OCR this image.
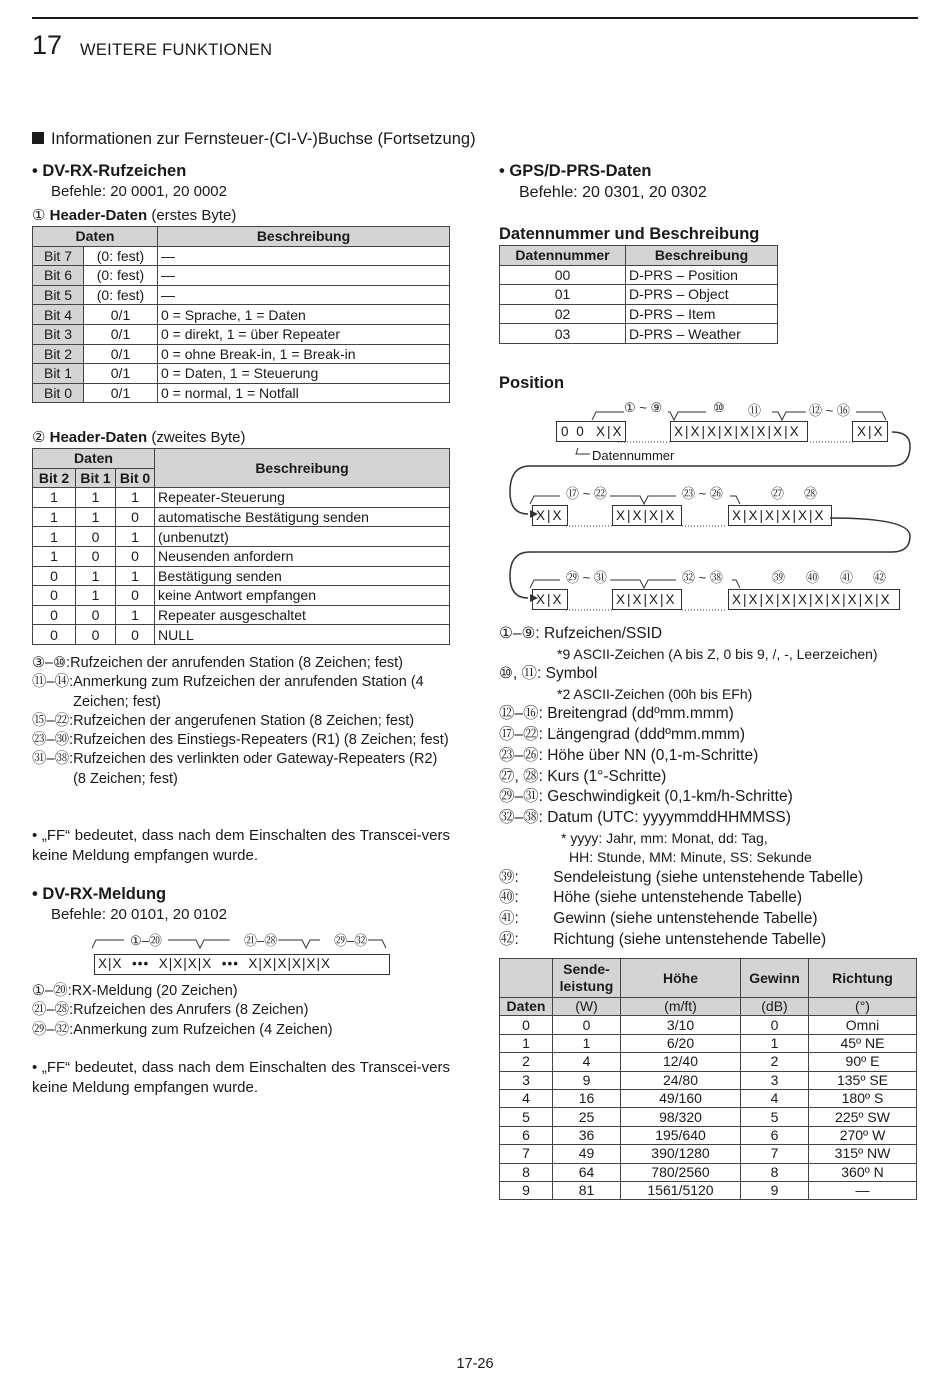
17 WEITERE FUNKTIONEN
Informationen zur Fernsteuer-(CI-V-)Buchse (Fortsetzung)
• DV-RX-Rufzeichen
Befehle: 20 0001, 20 0002
① Header-Daten (erstes Byte)
Daten		Beschreibung
Bit 7	(0: fest)	—
Bit 6	(0: fest)	—
Bit 5	(0: fest)	—
Bit 4	0/1	0 = Sprache, 1 = Daten
Bit 3	0/1	0 = direkt, 1 = über Repeater
Bit 2	0/1	0 = ohne Break-in, 1 = Break-in
Bit 1	0/1	0 = Daten, 1 = Steuerung
Bit 0	0/1	0 = normal, 1 = Notfall
② Header-Daten (zweites Byte)
Daten			Beschreibung
Bit 2	Bit 1	Bit 0	
1	1	1	Repeater-Steuerung
1	1	0	automatische Bestätigung senden
1	0	1	(unbenutzt)
1	0	0	Neusenden anfordern
0	1	1	Bestätigung senden
0	1	0	keine Antwort empfangen
0	0	1	Repeater ausgeschaltet
0	0	0	NULL
③–⑩: Rufzeichen der anrufenden Station (8 Zeichen; fest)
⑪–⑭: Anmerkung zum Rufzeichen der anrufenden Station (4 Zeichen; fest)
⑮–㉒: Rufzeichen der angerufenen Station (8 Zeichen; fest)
㉓–㉚: Rufzeichen des Einstiegs-Repeaters (R1) (8 Zeichen; fest)
㉛–㊳: Rufzeichen des verlinkten oder Gateway-Repeaters (R2) (8 Zeichen; fest)
• „FF“ bedeutet, dass nach dem Einschalten des Transcei-vers keine Meldung empfangen wurde.
• DV-RX-Meldung
Befehle: 20 0101, 20 0102
①–⑳	㉑–㉘	㉙–㉜
X|X  •••  X|X|X|X  •••  X|X|X|X|X|X
①–⑳: RX-Meldung (20 Zeichen)
㉑–㉘: Rufzeichen des Anrufers (8 Zeichen)
㉙–㉜: Anmerkung zum Rufzeichen (4 Zeichen)
• „FF“ bedeutet, dass nach dem Einschalten des Transcei-vers keine Meldung empfangen wurde.
• GPS/D-PRS-Daten
Befehle: 20 0301, 20 0302
Datennummer und Beschreibung
Datennummer	Beschreibung
00	D-PRS – Position
01	D-PRS – Object
02	D-PRS – Item
03	D-PRS – Weather
Position
① ~ ⑨	⑩ ⑪	⑫ ~ ⑯
0 0 X|X	X|X|X|X|X|X|X|X	X|X
Datennummer
⑰ ~ ㉒	㉓ ~ ㉖	㉗ ㉘
X|X	X|X|X|X	X|X|X|X|X|X
㉙ ~ ㉛	㉜ ~ ㊳	㊴ ㊵ ㊶ ㊷
X|X	X|X|X|X	X|X|X|X|X|X|X|X|X|X
①–⑨: Rufzeichen/SSID
*9 ASCII-Zeichen (A bis Z, 0 bis 9, /, -, Leerzeichen)
⑩, ⑪: Symbol
*2 ASCII-Zeichen (00h bis EFh)
⑫–⑯: Breitengrad (ddºmm.mmm)
⑰–㉒: Längengrad (dddºmm.mmm)
㉓–㉖: Höhe über NN (0,1-m-Schritte)
㉗, ㉘: Kurs (1°-Schritte)
㉙–㉛: Geschwindigkeit (0,1-km/h-Schritte)
㉜–㊳: Datum (UTC: yyyymmddHHMMSS)
* yyyy: Jahr, mm: Monat, dd: Tag,
HH: Stunde, MM: Minute, SS: Sekunde
㊴:        Sendeleistung (siehe untenstehende Tabelle)
㊵:        Höhe (siehe untenstehende Tabelle)
㊶:        Gewinn (siehe untenstehende Tabelle)
㊷:        Richtung (siehe untenstehende Tabelle)
	Sende-leistung	Höhe	Gewinn	Richtung
Daten	(W)	(m/ft)	(dB)	(°)
0	0	3/10	0	Omni
1	1	6/20	1	45º NE
2	4	12/40	2	90º E
3	9	24/80	3	135º SE
4	16	49/160	4	180º S
5	25	98/320	5	225º SW
6	36	195/640	6	270º W
7	49	390/1280	7	315º NW
8	64	780/2560	8	360º N
9	81	1561/5120	9	—
17-26
